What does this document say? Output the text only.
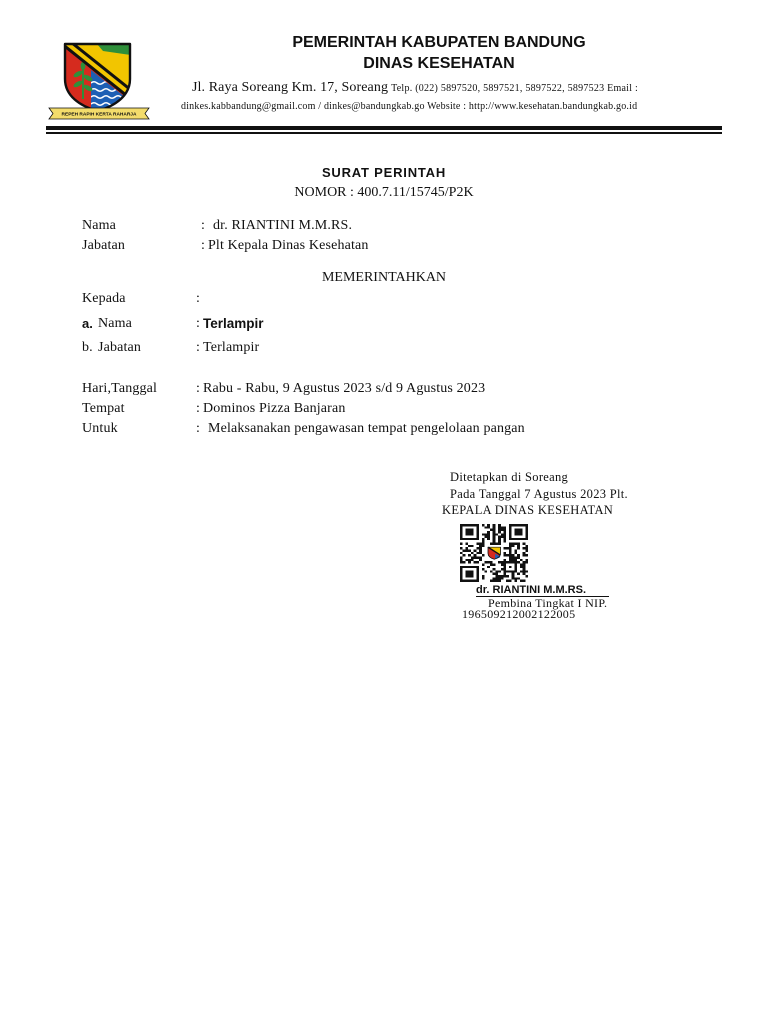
REPEH RAPIH KERTA RAHARJA
PEMERINTAH KABUPATEN BANDUNG
DINAS KESEHATAN
Jl. Raya Soreang Km. 17, Soreang Telp. (022) 5897520, 5897521, 5897522, 5897523 Email :
dinkes.kabbandung@gmail.com / dinkes@bandungkab.go Website : http://www.kesehatan.bandungkab.go.id
SURAT PERINTAH
NOMOR : 400.7.11/15745/P2K
Nama	: dr. RIANTINI M.M.RS.
Jabatan	: Plt Kepala Dinas Kesehatan
MEMERINTAHKAN
Kepada	:
a. Nama	: Terlampir
b. Jabatan	: Terlampir
Hari,Tanggal	: Rabu - Rabu, 9 Agustus 2023 s/d 9 Agustus 2023
Tempat	: Dominos Pizza Banjaran
Untuk	: Melaksanakan pengawasan tempat pengelolaan pangan
Ditetapkan di Soreang
Pada Tanggal 7 Agustus 2023 Plt.
KEPALA DINAS KESEHATAN
dr. RIANTINI M.M.RS.
Pembina Tingkat I NIP.
196509212002122005
